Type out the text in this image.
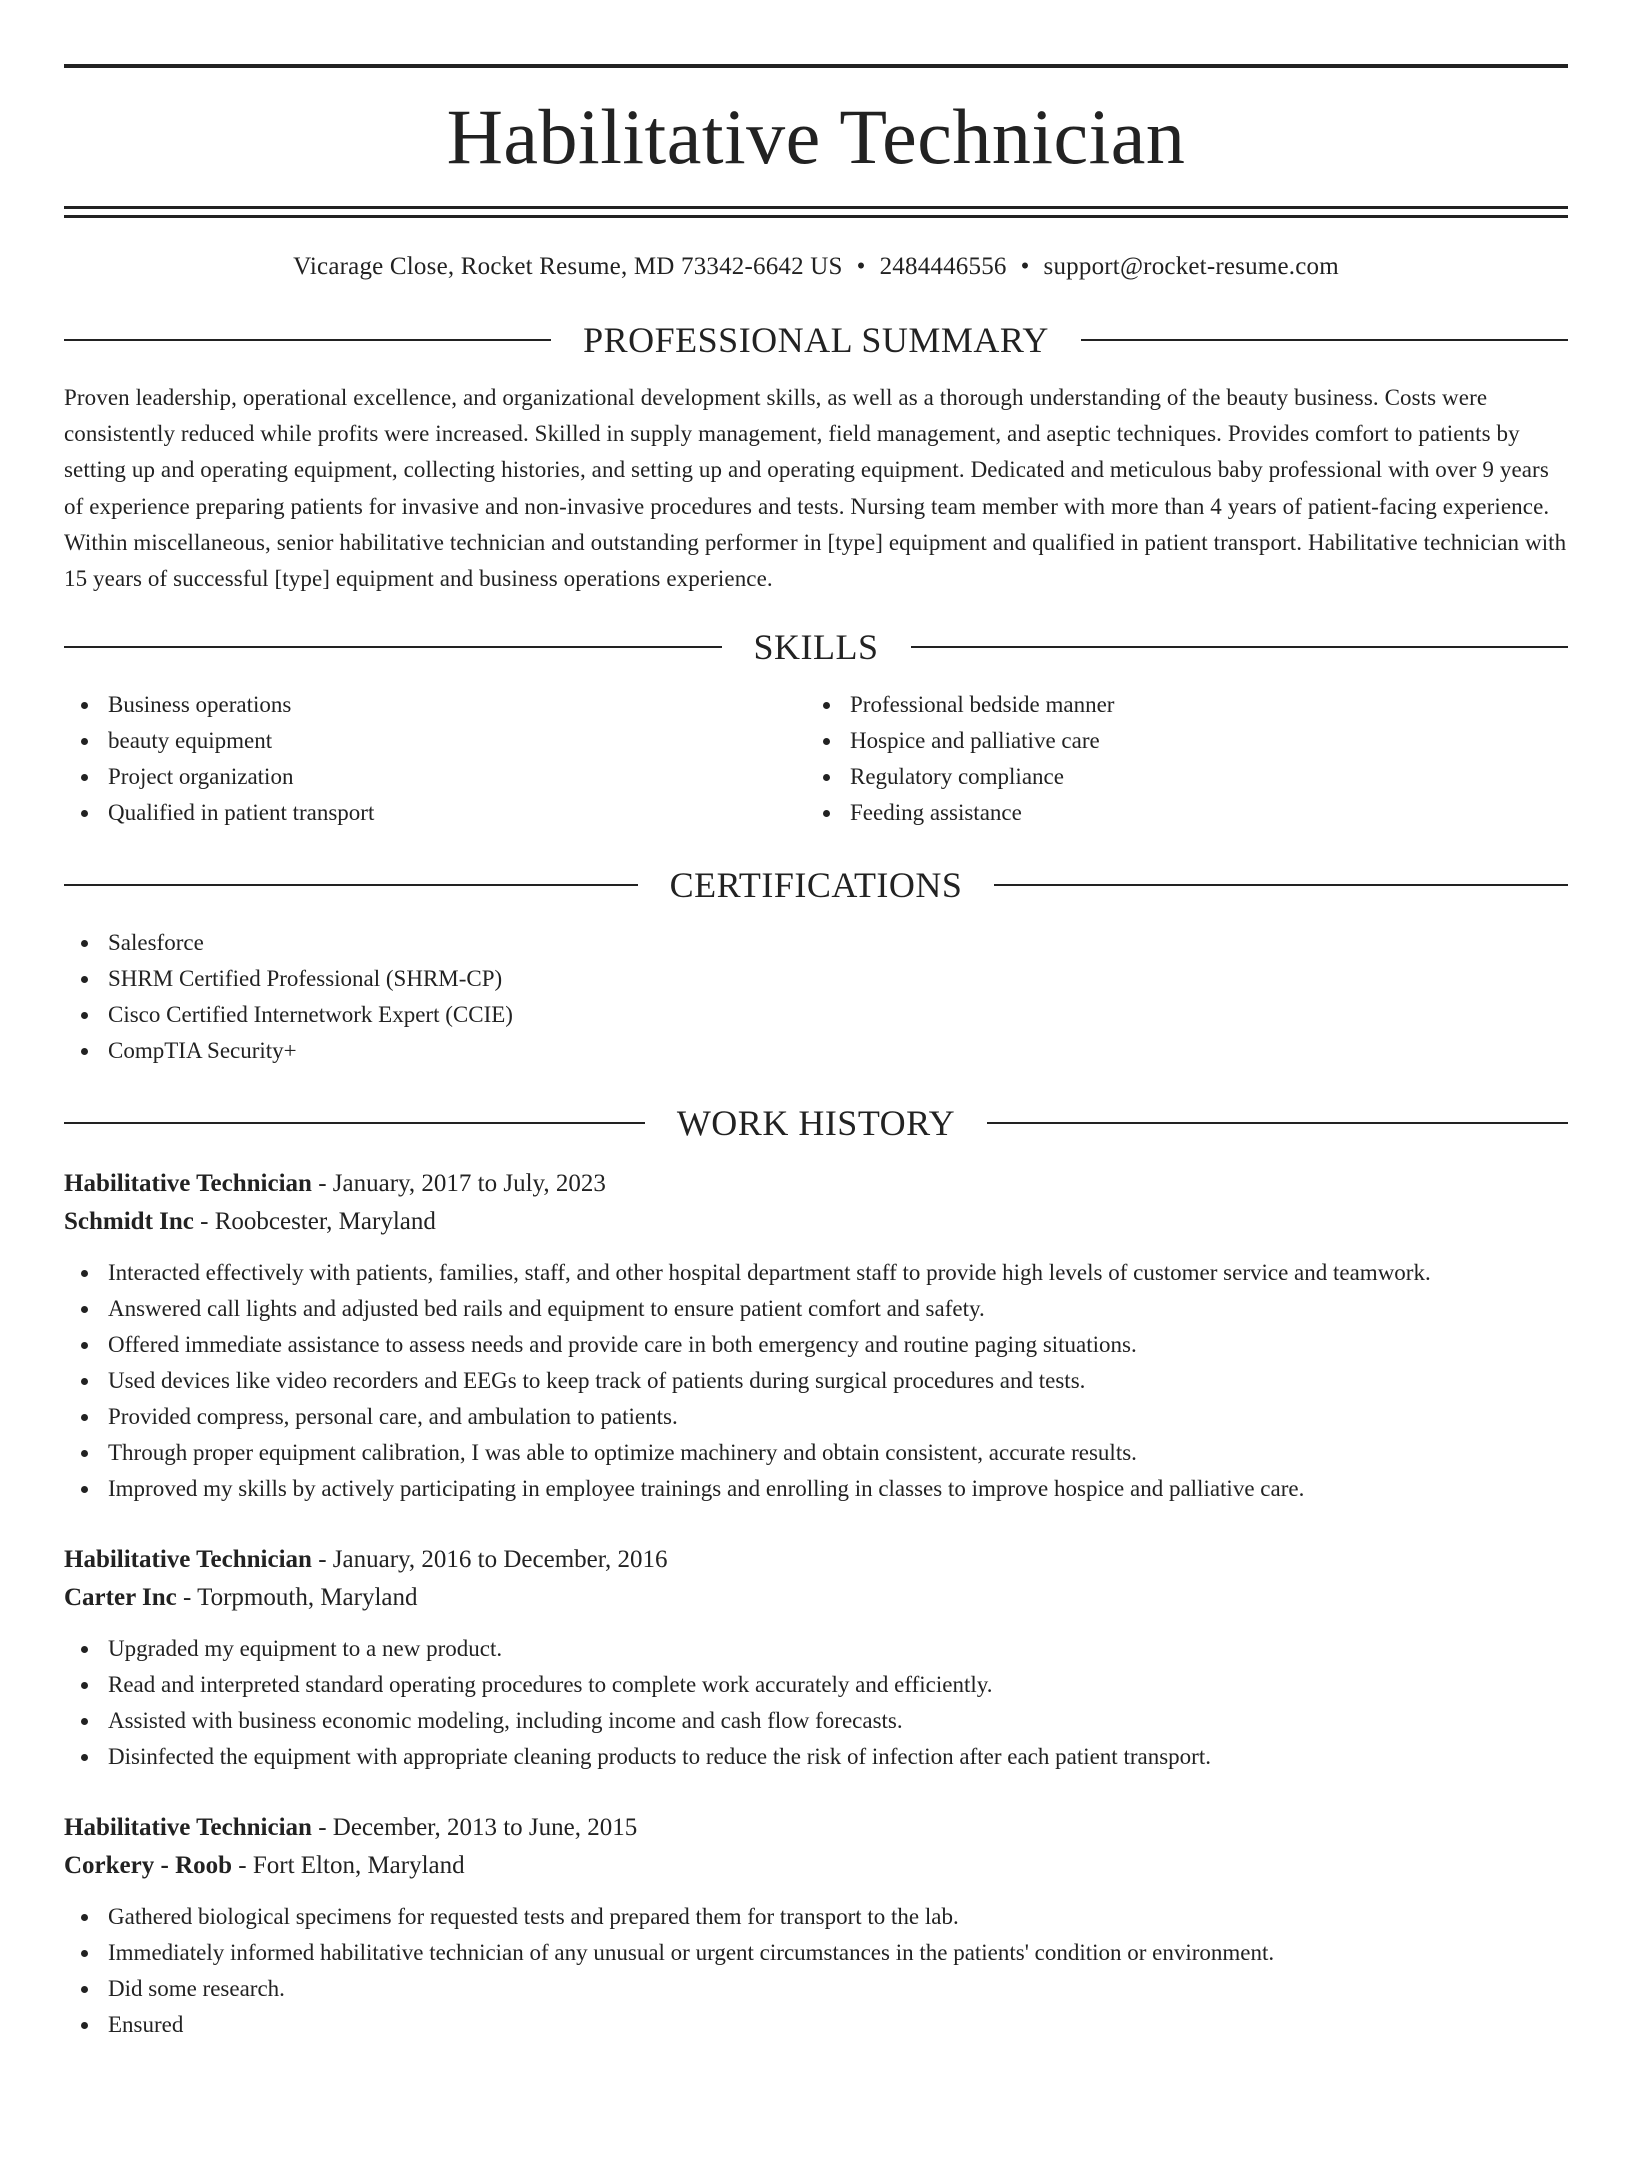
Habilitative Technician
Vicarage Close, Rocket Resume, MD 73342-6642 US • 2484446556 • support@rocket-resume.com
PROFESSIONAL SUMMARY

Proven leadership, operational excellence, and organizational development skills, as well as a thorough understanding of the beauty business. Costs were consistently reduced while profits were increased. Skilled in supply management, field management, and aseptic techniques. Provides comfort to patients by setting up and operating equipment, collecting histories, and setting up and operating equipment. Dedicated and meticulous baby professional with over 9 years of experience preparing patients for invasive and non-invasive procedures and tests. Nursing team member with more than 4 years of patient-facing experience. Within miscellaneous, senior habilitative technician and outstanding performer in [type] equipment and qualified in patient transport. Habilitative technician with 15 years of successful [type] equipment and business operations experience.

SKILLS
Business operations
beauty equipment
Project organization
Qualified in patient transport
Professional bedside manner
Hospice and palliative care
Regulatory compliance
Feeding assistance
CERTIFICATIONS
Salesforce
SHRM Certified Professional (SHRM-CP)
Cisco Certified Internetwork Expert (CCIE)
CompTIA Security+
WORK HISTORY
Habilitative Technician - January, 2017 to July, 2023
Schmidt Inc - Roobcester, Maryland
Interacted effectively with patients, families, staff, and other hospital department staff to provide high levels of customer service and teamwork.
Answered call lights and adjusted bed rails and equipment to ensure patient comfort and safety.
Offered immediate assistance to assess needs and provide care in both emergency and routine paging situations.
Used devices like video recorders and EEGs to keep track of patients during surgical procedures and tests.
Provided compress, personal care, and ambulation to patients.
Through proper equipment calibration, I was able to optimize machinery and obtain consistent, accurate results.
Improved my skills by actively participating in employee trainings and enrolling in classes to improve hospice and palliative care.
Habilitative Technician - January, 2016 to December, 2016
Carter Inc - Torpmouth, Maryland
Upgraded my equipment to a new product.
Read and interpreted standard operating procedures to complete work accurately and efficiently.
Assisted with business economic modeling, including income and cash flow forecasts.
Disinfected the equipment with appropriate cleaning products to reduce the risk of infection after each patient transport.
Habilitative Technician - December, 2013 to June, 2015
Corkery - Roob - Fort Elton, Maryland
Gathered biological specimens for requested tests and prepared them for transport to the lab.
Immediately informed habilitative technician of any unusual or urgent circumstances in the patients' condition or environment.
Did some research.
Ensured
